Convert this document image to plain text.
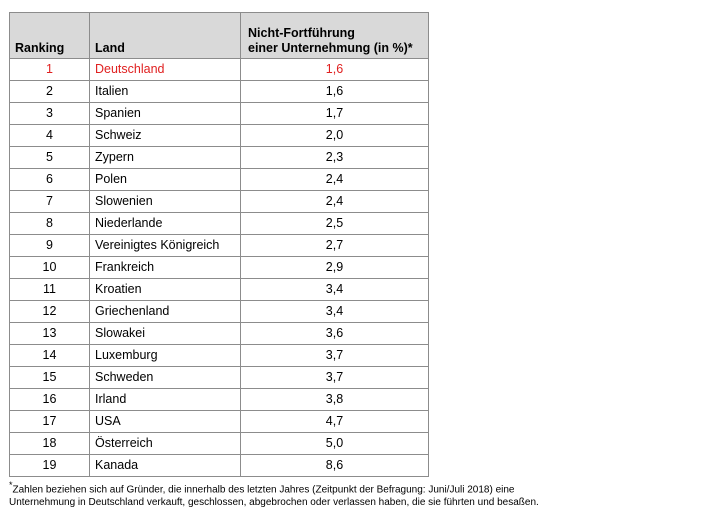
Ranking	Land	Nicht-Fortführung
einer Unternehmung (in %)*

1	Deutschland	1,6
2	Italien	1,6
3	Spanien	1,7
4	Schweiz	2,0
5	Zypern	2,3
6	Polen	2,4
7	Slowenien	2,4
8	Niederlande	2,5
9	Vereinigtes Königreich	2,7
10	Frankreich	2,9
11	Kroatien	3,4
12	Griechenland	3,4
13	Slowakei	3,6
14	Luxemburg	3,7
15	Schweden	3,7
16	Irland	3,8
17	USA	4,7
18	Österreich	5,0
19	Kanada	8,6
*Zahlen beziehen sich auf Gründer, die innerhalb des letzten Jahres (Zeitpunkt der Befragung: Juni/Juli 2018) eine
Unternehmung in Deutschland verkauft, geschlossen, abgebrochen oder verlassen haben, die sie führten und besaßen.
